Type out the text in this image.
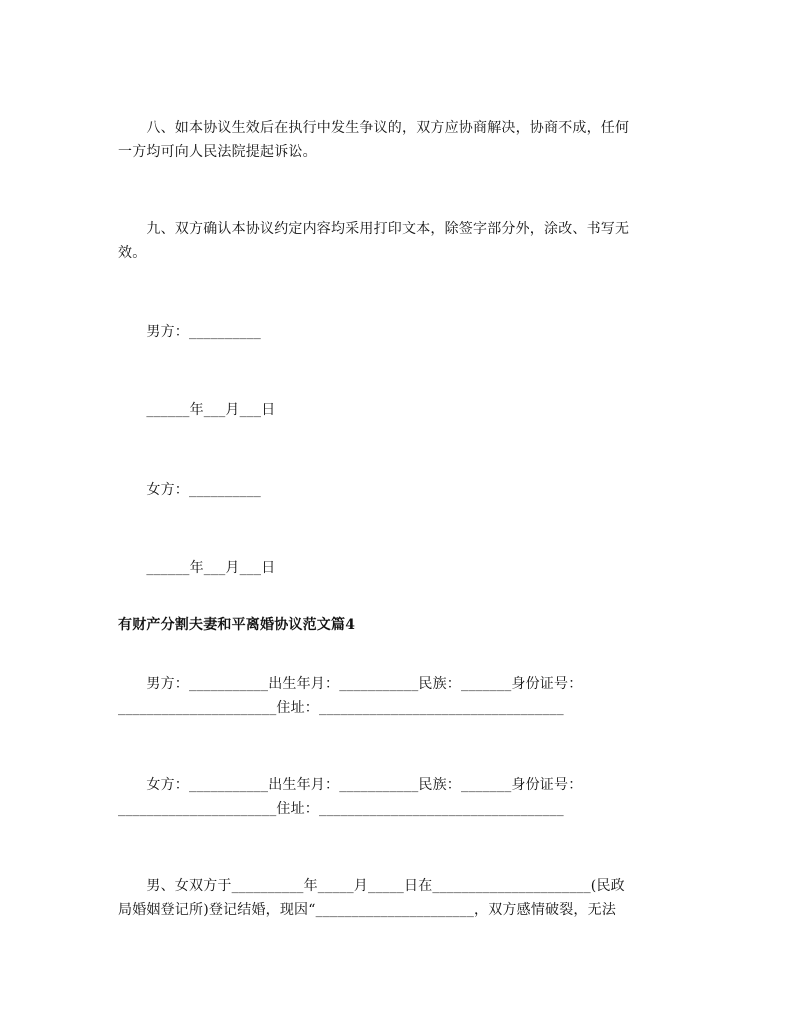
　　八、如本协议生效后在执行中发生争议的，双方应协商解决，协商不成，任何
一方均可向人民法院提起诉讼。
　　九、双方确认本协议约定内容均采用打印文本，除签字部分外，涂改、书写无
效。
　　男方：__________
　　______年___月___日
　　女方：__________
　　______年___月___日
有财产分割夫妻和平离婚协议范文篇4
　　男方：___________出生年月：___________民族：_______身份证号：
______________________住址：__________________________________
　　女方：___________出生年月：___________民族：_______身份证号：
______________________住址：__________________________________
　　男、女双方于__________年_____月_____日在______________________(民政
局婚姻登记所)登记结婚，现因“______________________，双方感情破裂，无法
